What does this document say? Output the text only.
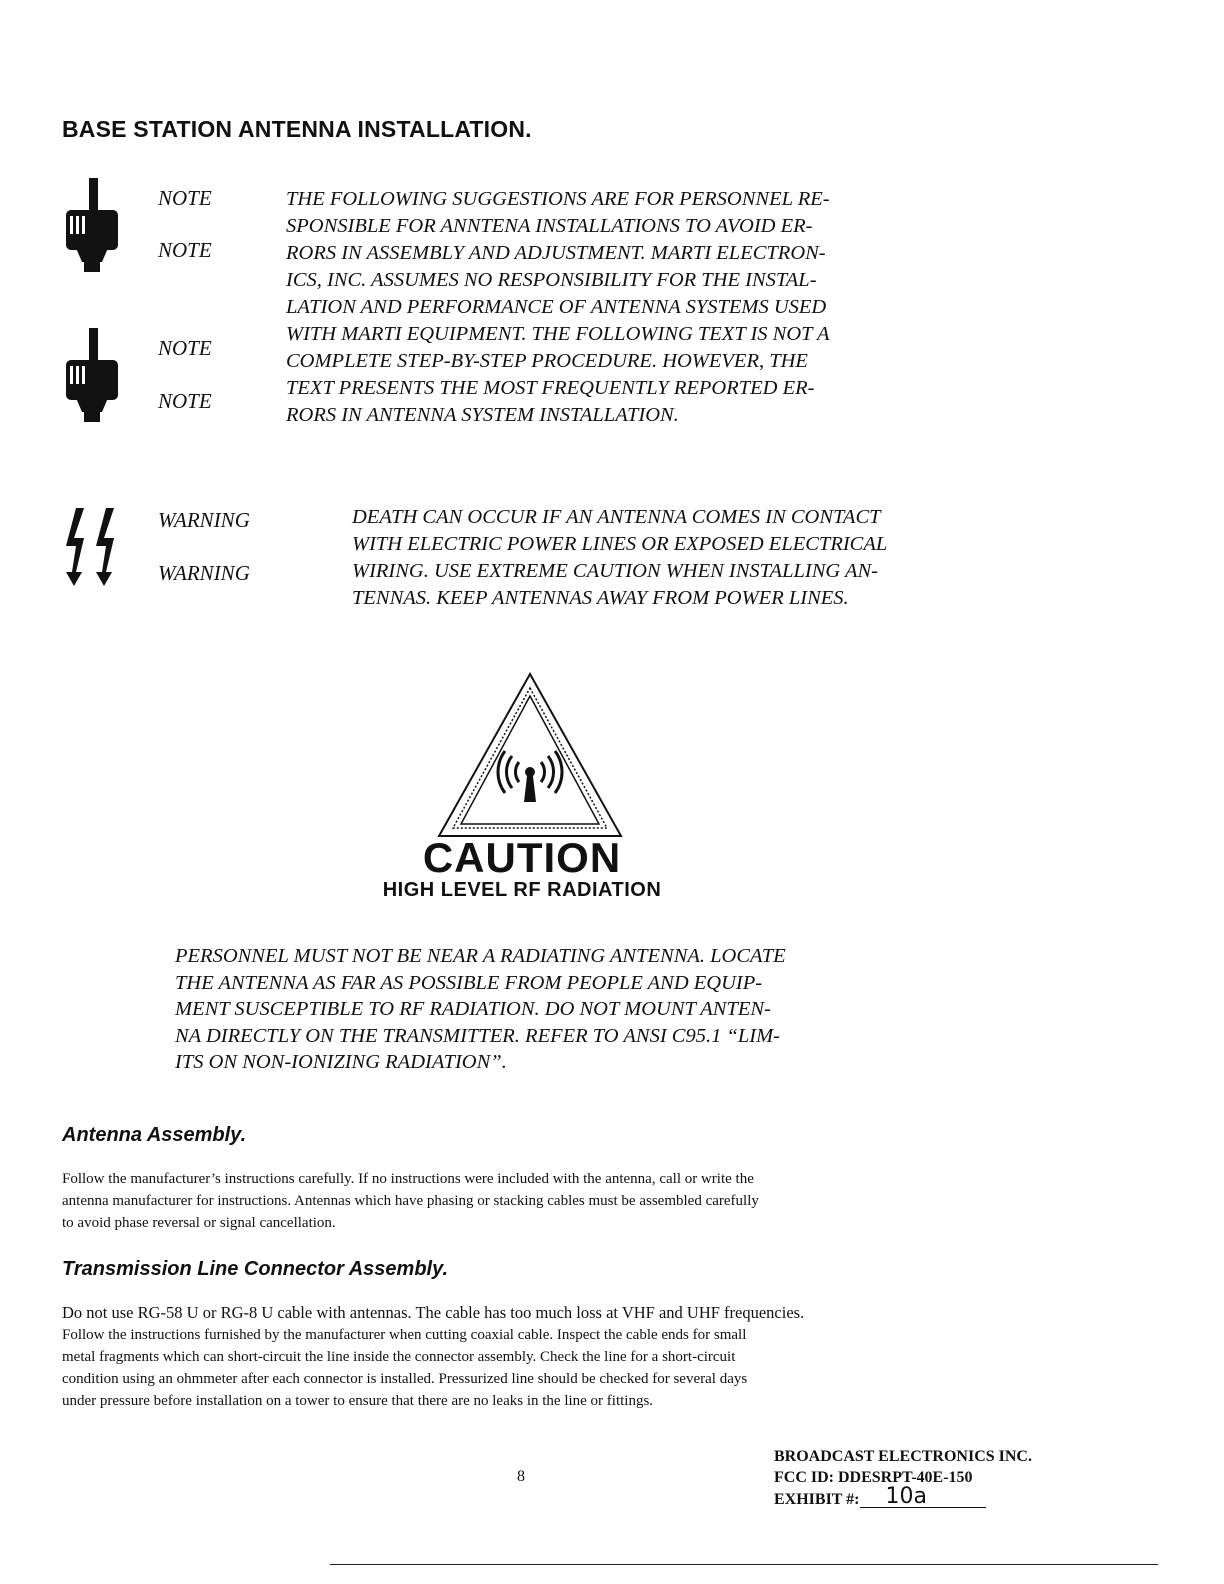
BASE STATION ANTENNA INSTALLATION.
NOTE
NOTE
NOTE
NOTE
THE FOLLOWING SUGGESTIONS ARE FOR PERSONNEL RE-
SPONSIBLE FOR ANNTENA INSTALLATIONS TO AVOID ER-
RORS IN ASSEMBLY AND ADJUSTMENT. MARTI ELECTRON-
ICS, INC. ASSUMES NO RESPONSIBILITY FOR THE INSTAL-
LATION AND PERFORMANCE OF ANTENNA SYSTEMS USED
WITH MARTI EQUIPMENT. THE FOLLOWING TEXT IS NOT A
COMPLETE STEP-BY-STEP PROCEDURE. HOWEVER, THE
TEXT PRESENTS THE MOST FREQUENTLY REPORTED ER-
RORS IN ANTENNA SYSTEM INSTALLATION.
WARNING
WARNING
DEATH CAN OCCUR IF AN ANTENNA COMES IN CONTACT
WITH ELECTRIC POWER LINES OR EXPOSED ELECTRICAL
WIRING. USE EXTREME CAUTION WHEN INSTALLING AN-
TENNAS. KEEP ANTENNAS AWAY FROM POWER LINES.
CAUTION
HIGH LEVEL RF RADIATION
PERSONNEL MUST NOT BE NEAR A RADIATING ANTENNA. LOCATE
THE ANTENNA AS FAR AS POSSIBLE FROM PEOPLE AND EQUIP-
MENT SUSCEPTIBLE TO RF RADIATION. DO NOT MOUNT ANTEN-
NA DIRECTLY ON THE TRANSMITTER. REFER TO ANSI C95.1 “LIM-
ITS ON NON-IONIZING RADIATION”.
Antenna Assembly.
Follow the manufacturer’s instructions carefully. If no instructions were included with the antenna, call or write the
antenna manufacturer for instructions. Antennas which have phasing or stacking cables must be assembled carefully
to avoid phase reversal or signal cancellation.
Transmission Line Connector Assembly.
Do not use RG-58 U or RG-8 U cable with antennas. The cable has too much loss at VHF and UHF frequencies.
Follow the instructions furnished by the manufacturer when cutting coaxial cable. Inspect the cable ends for small
metal fragments which can short-circuit the line inside the connector assembly. Check the line for a short-circuit
condition using an ohmmeter after each connector is installed. Pressurized line should be checked for several days
under pressure before installation on a tower to ensure that there are no leaks in the line or fittings.
8
BROADCAST ELECTRONICS INC.
FCC ID: DDESRPT-40E-150
EXHIBIT #: 10a
